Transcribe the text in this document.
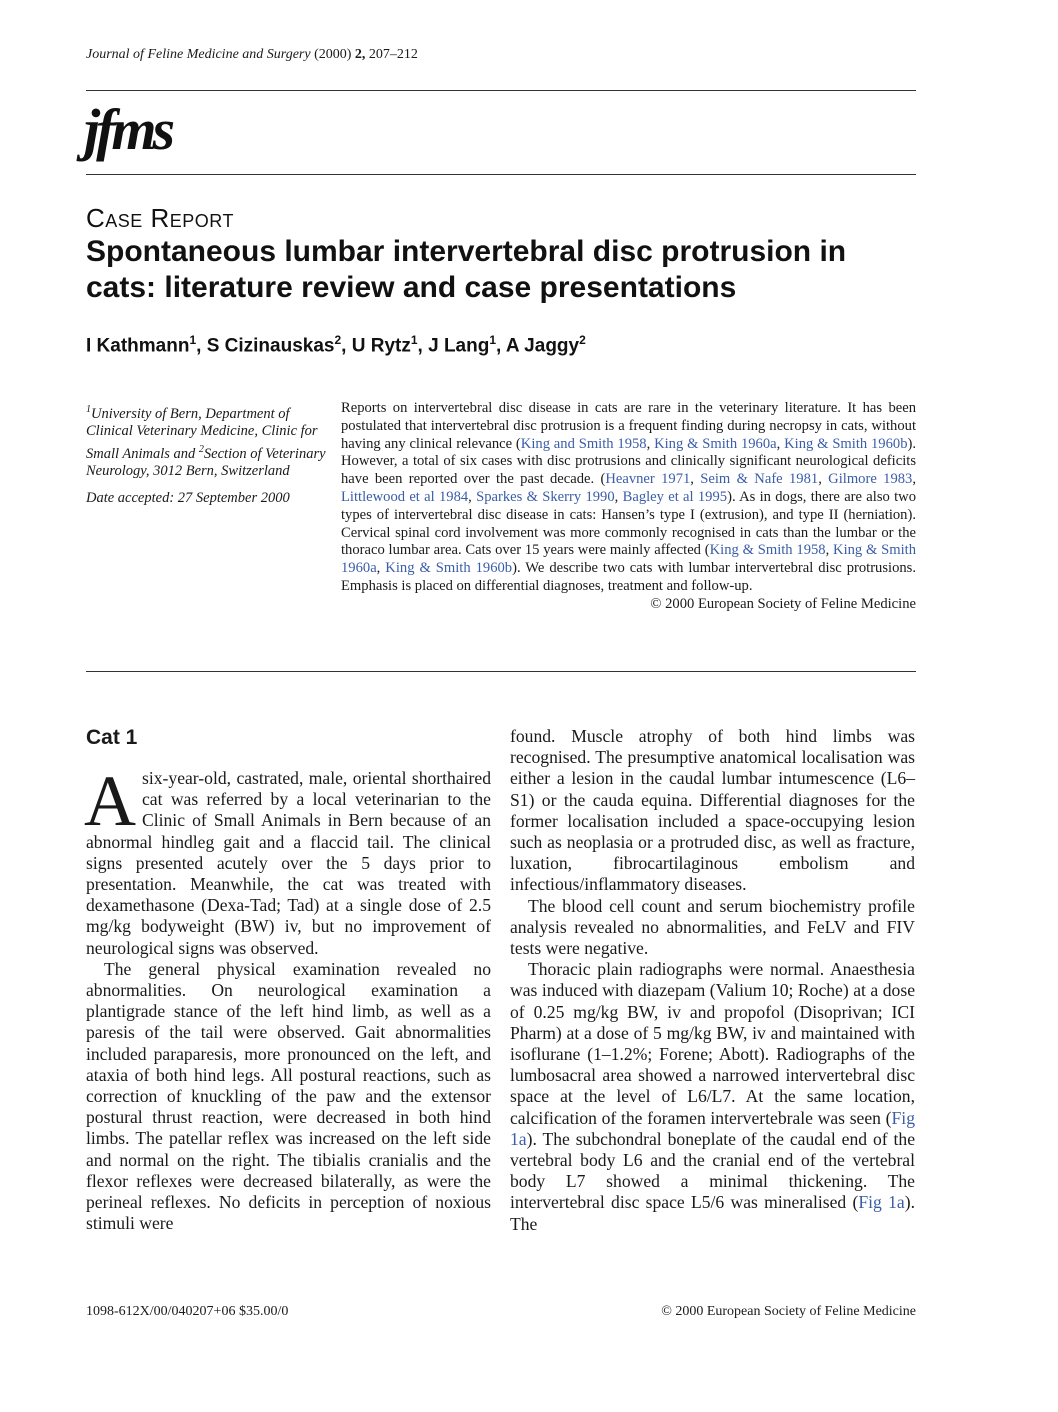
Journal of Feline Medicine and Surgery (2000) 2, 207–212
jfms
Case Report
Spontaneous lumbar intervertebral disc protrusion in cats: literature review and case presentations
I Kathmann$^1$, S Cizinauskas$^2$, U Rytz$^1$, J Lang$^1$, A Jaggy$^2$
$^1$University of Bern, Department of Clinical Veterinary Medicine, Clinic for Small Animals and $^2$Section of Veterinary Neurology, 3012 Bern, Switzerland
Date accepted: 27 September 2000

Reports on intervertebral disc disease in cats are rare in the veterinary literature. It has been postulated that intervertebral disc protrusion is a frequent finding during necropsy in cats, without having any clinical relevance (King and Smith 1958, King & Smith 1960a, King & Smith 1960b). However, a total of six cases with disc protrusions and clinically significant neurological deficits have been reported over the past decade. (Heavner 1971, Seim & Nafe 1981, Gilmore 1983, Littlewood et al 1984, Sparkes & Skerry 1990, Bagley et al 1995). As in dogs, there are also two types of intervertebral disc disease in cats: Hansen’s type I (extrusion), and type II (herniation). Cervical spinal cord involvement was more commonly recognised in cats than the lumbar or the thoraco lumbar area. Cats over 15 years were mainly affected (King & Smith 1958, King & Smith 1960a, King & Smith 1960b). We describe two cats with lumbar intervertebral disc protrusions. Emphasis is placed on differential diagnoses, treatment and follow-up.
© 2000 European Society of Feline Medicine

Cat 1

A six-year-old, castrated, male, oriental shorthaired cat was referred by a local veterinarian to the Clinic of Small Animals in Bern because of an abnormal hindleg gait and a flaccid tail. The clinical signs presented acutely over the 5 days prior to presentation. Meanwhile, the cat was treated with dexamethasone (Dexa-Tad; Tad) at a single dose of 2.5 mg/kg bodyweight (BW) iv, but no improvement of neurological signs was observed.

The general physical examination revealed no abnormalities. On neurological examination a plantigrade stance of the left hind limb, as well as a paresis of the tail were observed. Gait abnormalities included paraparesis, more pronounced on the left, and ataxia of both hind legs. All postural reactions, such as correction of knuckling of the paw and the extensor postural thrust reaction, were decreased in both hind limbs. The patellar reflex was increased on the left side and normal on the right. The tibialis cranialis and the flexor reflexes were decreased bilaterally, as were the perineal reflexes. No deficits in perception of noxious stimuli were

found. Muscle atrophy of both hind limbs was recognised. The presumptive anatomical localisation was either a lesion in the caudal lumbar intumescence (L6–S1) or the cauda equina. Differential diagnoses for the former localisation included a space-occupying lesion such as neoplasia or a protruded disc, as well as fracture, luxation, fibrocartilaginous embolism and infectious/inflammatory diseases.

The blood cell count and serum biochemistry profile analysis revealed no abnormalities, and FeLV and FIV tests were negative.

Thoracic plain radiographs were normal. Anaesthesia was induced with diazepam (Valium 10; Roche) at a dose of 0.25 mg/kg BW, iv and propofol (Disoprivan; ICI Pharm) at a dose of 5 mg/kg BW, iv and maintained with isoflurane (1–1.2%; Forene; Abott). Radiographs of the lumbosacral area showed a narrowed intervertebral disc space at the level of L6/L7. At the same location, calcification of the foramen intervertebrale was seen (Fig 1a). The subchondral boneplate of the caudal end of the vertebral body L6 and the cranial end of the vertebral body L7 showed a minimal thickening. The intervertebral disc space L5/6 was mineralised (Fig 1a). The

1098-612X/00/040207+06 $35.00/0	© 2000 European Society of Feline Medicine
